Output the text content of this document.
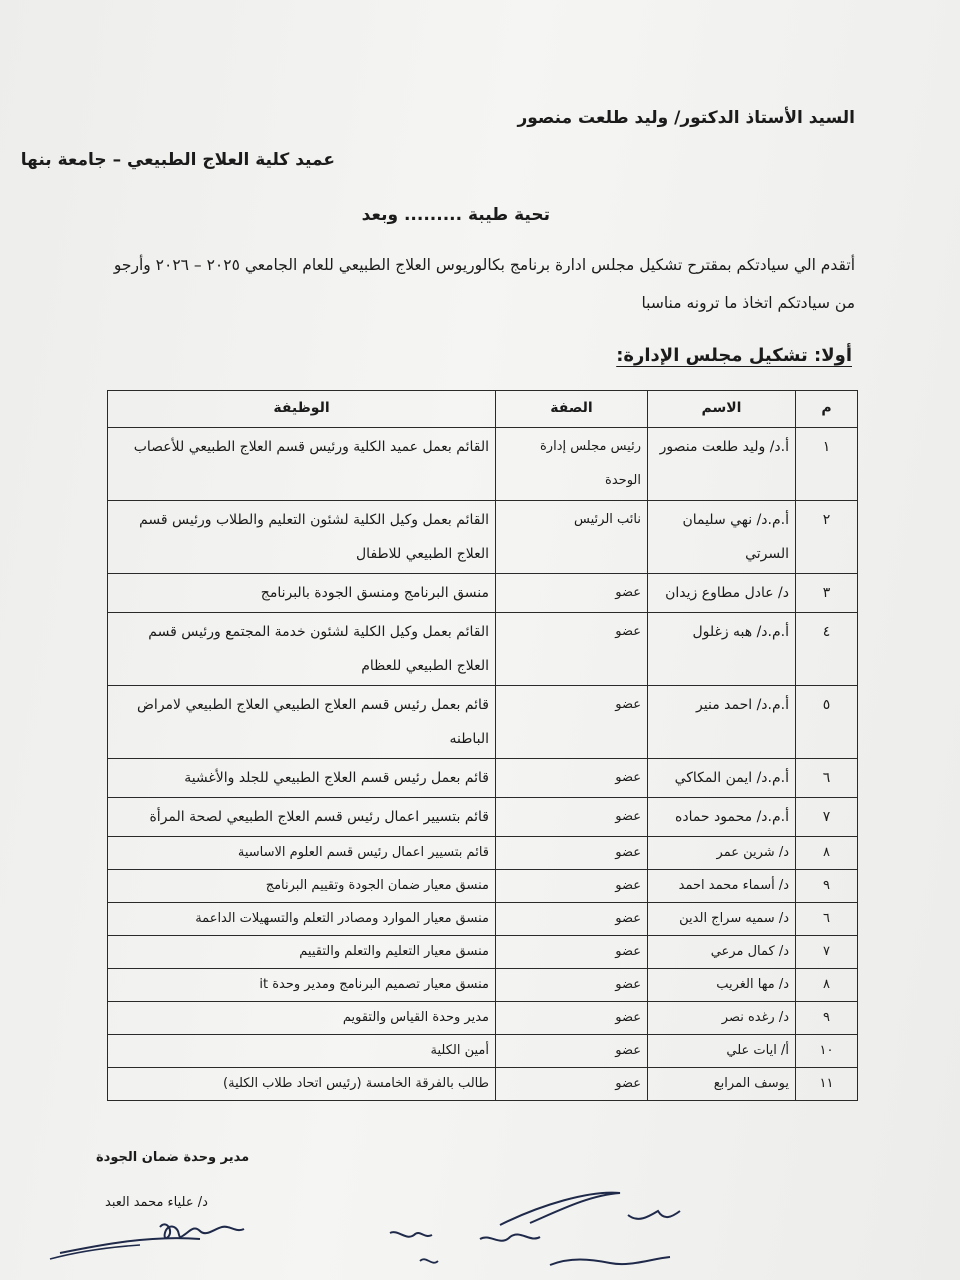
السيد الأستاذ الدكتور/ وليد طلعت منصور
عميد كلية العلاج الطبيعي – جامعة بنها
تحية طيبة ......... وبعد
أتقدم الي سيادتكم بمقترح تشكيل مجلس ادارة برنامج بكالوريوس العلاج الطبيعي للعام الجامعي ٢٠٢٥ – ٢٠٢٦ وأرجو
من سيادتكم اتخاذ ما ترونه مناسبا
أولا: تشكيل مجلس الإدارة:
م	الاسم	الصفة	الوظيفة
١	أ.د/ وليد طلعت منصور	رئيس مجلس إدارة الوحدة	القائم بعمل عميد الكلية ورئيس قسم العلاج الطبيعي للأعصاب
٢	أ.م.د/ نهي سليمان السرتي	نائب الرئيس	القائم بعمل وكيل الكلية لشئون التعليم والطلاب ورئيس قسم العلاج الطبيعي للاطفال
٣	د/ عادل مطاوع زيدان	عضو	منسق البرنامج ومنسق الجودة بالبرنامج
٤	أ.م.د/ هبه زغلول	عضو	القائم بعمل وكيل الكلية لشئون خدمة المجتمع ورئيس قسم العلاج الطبيعي للعظام
٥	أ.م.د/ احمد منير	عضو	قائم بعمل رئيس قسم العلاج الطبيعي العلاج الطبيعي لامراض الباطنه
٦	أ.م.د/ ايمن المكاكي	عضو	قائم بعمل رئيس قسم العلاج الطبيعي للجلد والأغشية
٧	أ.م.د/ محمود حماده	عضو	قائم بتسيير اعمال رئيس قسم العلاج الطبيعي لصحة المرأة
٨	د/ شرين عمر	عضو	قائم بتسيير اعمال رئيس قسم العلوم الاساسية
٩	د/ أسماء محمد احمد	عضو	منسق معيار ضمان الجودة وتقييم البرنامج
٦	د/ سميه سراج الدين	عضو	منسق معيار الموارد ومصادر التعلم والتسهيلات الداعمة
٧	د/ كمال مرعي	عضو	منسق معيار التعليم والتعلم والتقييم
٨	د/ مها الغريب	عضو	منسق معيار تصميم البرنامج ومدير وحدة it
٩	د/ رغده نصر	عضو	مدير وحدة القياس والتقويم
١٠	أ/ ايات علي	عضو	أمين الكلية
١١	يوسف المرابع	عضو	طالب بالفرقة الخامسة (رئيس اتحاد طلاب الكلية)
مدير وحدة ضمان الجودة
د/ علياء محمد العبد
